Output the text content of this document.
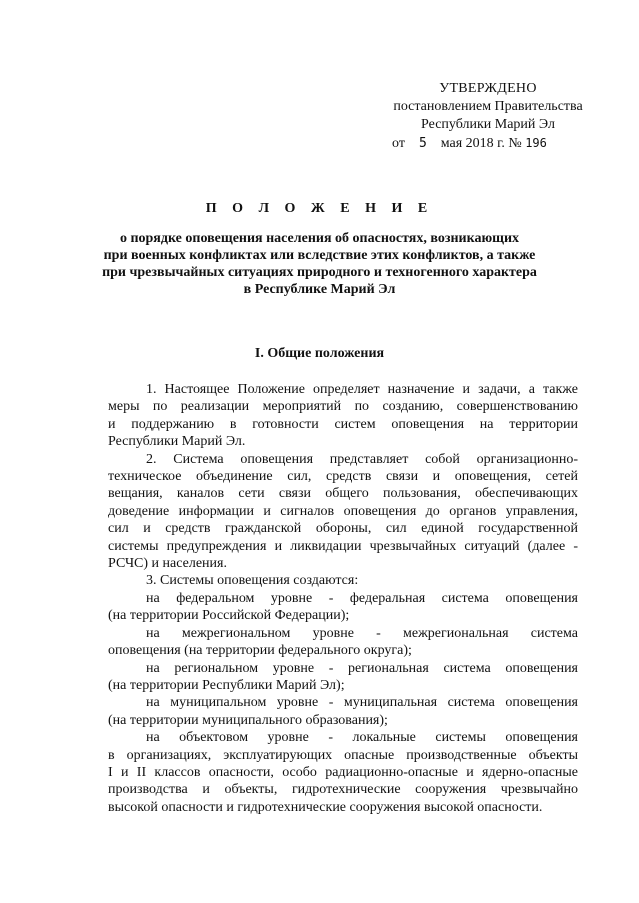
УТВЕРЖДЕНО
постановлением Правительства
Республики Марий Эл
от 5 мая 2018 г. № 196
П О Л О Ж Е Н И Е
о порядке оповещения населения об опасностях, возникающих
при военных конфликтах или вследствие этих конфликтов, а также
при чрезвычайных ситуациях природного и техногенного характера
в Республике Марий Эл
I. Общие положения
1. Настоящее Положение определяет назначение и задачи, а также
меры по реализации мероприятий по созданию, совершенствованию
и поддержанию в готовности систем оповещения на территории
Республики Марий Эл.
2. Система оповещения представляет собой организационно-
техническое объединение сил, средств связи и оповещения, сетей
вещания, каналов сети связи общего пользования, обеспечивающих
доведение информации и сигналов оповещения до органов управления,
сил и средств гражданской обороны, сил единой государственной
системы предупреждения и ликвидации чрезвычайных ситуаций (далее -
РСЧС) и населения.
3. Системы оповещения создаются:
на федеральном уровне - федеральная система оповещения
(на территории Российской Федерации);
на межрегиональном уровне - межрегиональная система
оповещения (на территории федерального округа);
на региональном уровне - региональная система оповещения
(на территории Республики Марий Эл);
на муниципальном уровне - муниципальная система оповещения
(на территории муниципального образования);
на объектовом уровне - локальные системы оповещения
в организациях, эксплуатирующих опасные производственные объекты
I и II классов опасности, особо радиационно-опасные и ядерно-опасные
производства и объекты, гидротехнические сооружения чрезвычайно
высокой опасности и гидротехнические сооружения высокой опасности.
